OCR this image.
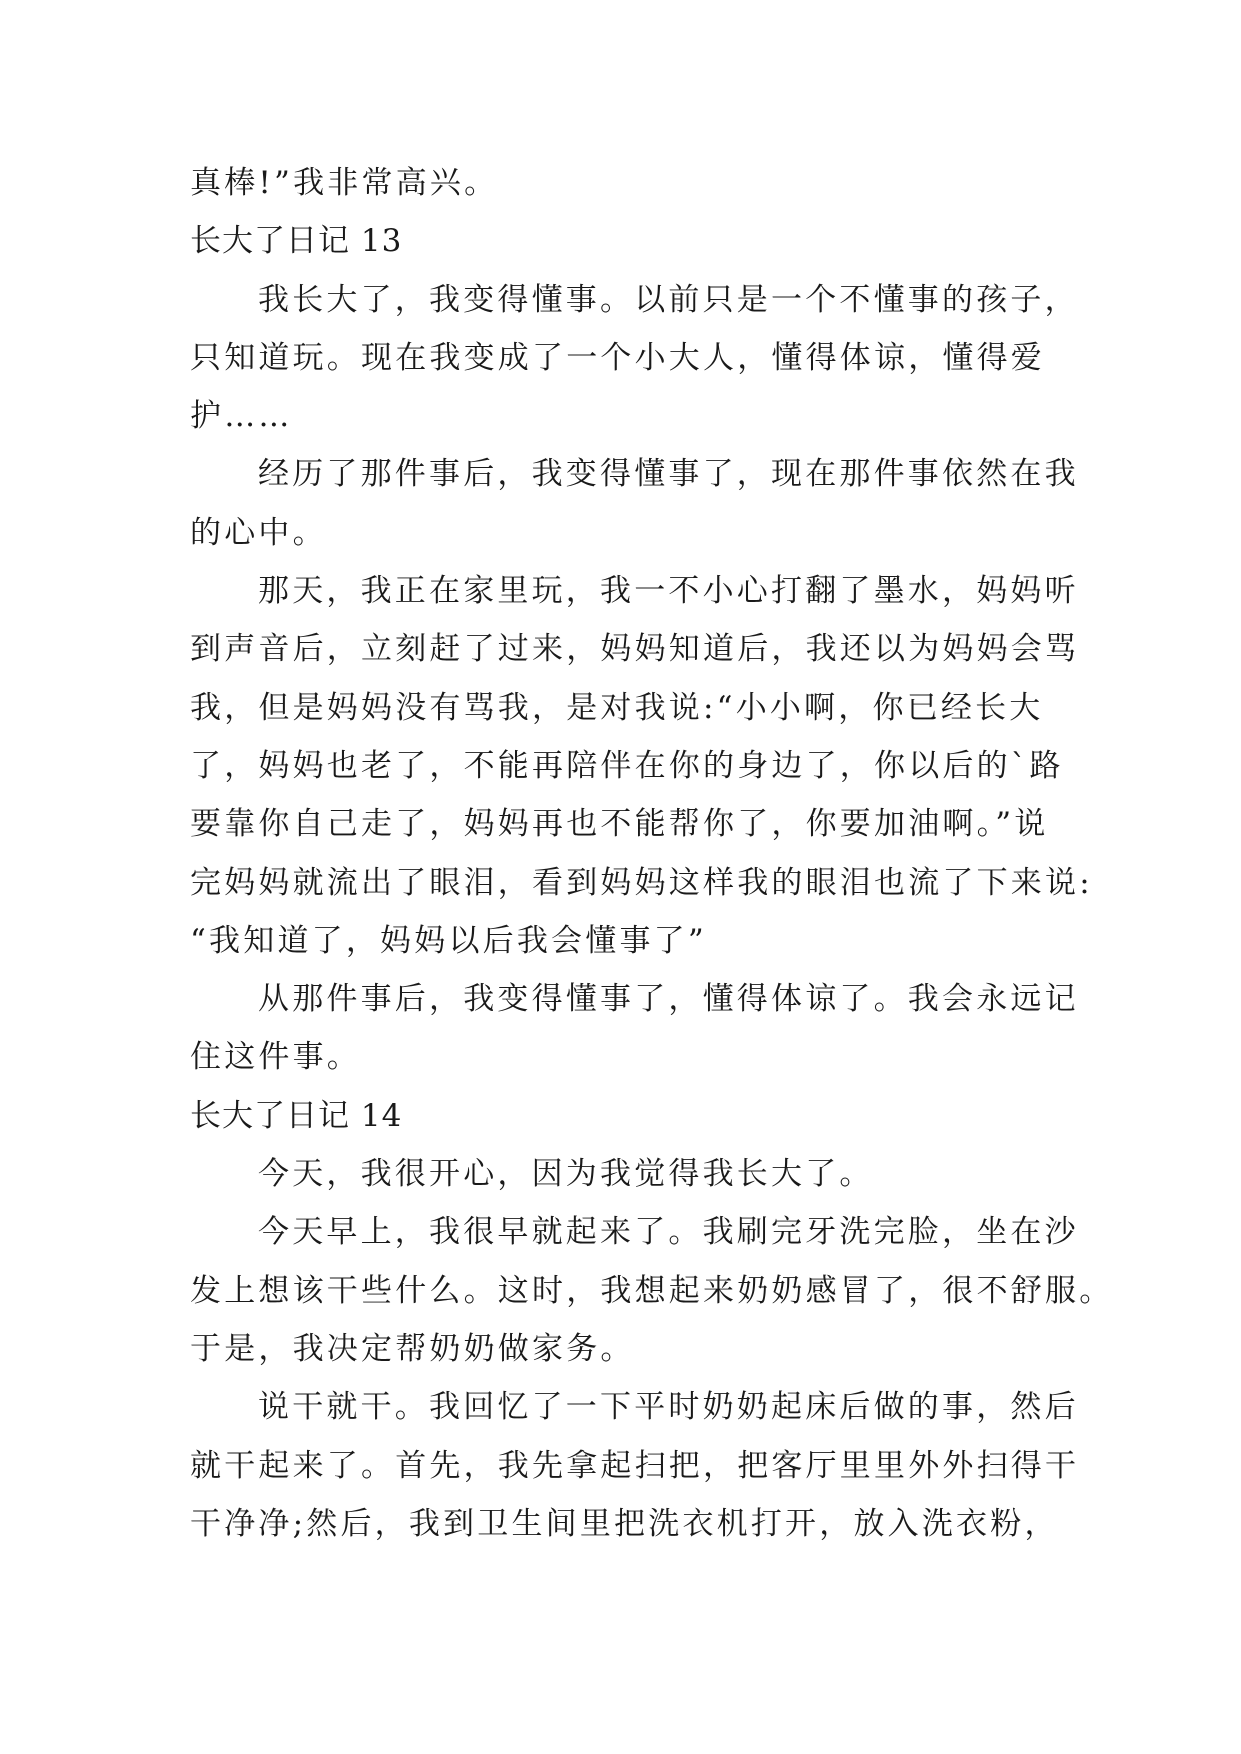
真棒!”我非常高兴。
长大了日记 13
我长大了，我变得懂事。以前只是一个不懂事的孩子，
只知道玩。现在我变成了一个小大人，懂得体谅，懂得爱
护……
经历了那件事后，我变得懂事了，现在那件事依然在我
的心中。
那天，我正在家里玩，我一不小心打翻了墨水，妈妈听
到声音后，立刻赶了过来，妈妈知道后，我还以为妈妈会骂
我，但是妈妈没有骂我，是对我说:“小小啊，你已经长大
了，妈妈也老了，不能再陪伴在你的身边了，你以后的`路
要靠你自己走了，妈妈再也不能帮你了，你要加油啊。”说
完妈妈就流出了眼泪，看到妈妈这样我的眼泪也流了下来说:
“我知道了，妈妈以后我会懂事了”
从那件事后，我变得懂事了，懂得体谅了。我会永远记
住这件事。
长大了日记 14
今天，我很开心，因为我觉得我长大了。
今天早上，我很早就起来了。我刷完牙洗完脸，坐在沙
发上想该干些什么。这时，我想起来奶奶感冒了，很不舒服。
于是，我决定帮奶奶做家务。
说干就干。我回忆了一下平时奶奶起床后做的事，然后
就干起来了。首先，我先拿起扫把，把客厅里里外外扫得干
干净净;然后，我到卫生间里把洗衣机打开，放入洗衣粉，
